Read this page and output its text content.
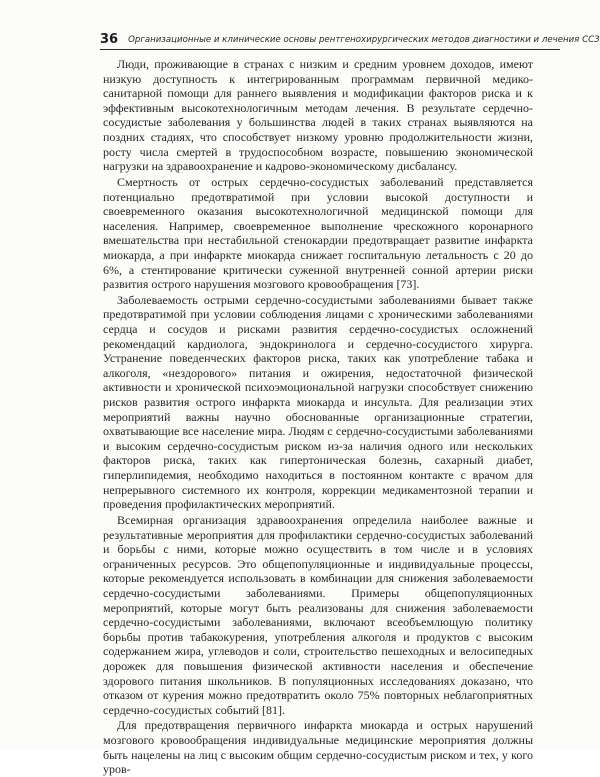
36 Организационные и клинические основы рентгенохирургических методов диагностики и лечения ССЗ

Люди, проживающие в странах с низким и средним уровнем доходов, имеют низкую доступность к интегрированным программам первичной медико-санитарной помощи для раннего выявления и модификации факторов риска и к эффективным высокотехнологичным методам лечения. В результате сердечно-сосудистые заболевания у большинства людей в таких странах выявляются на поздних стадиях, что способствует низкому уровню продолжительности жизни, росту числа смертей в трудоспособном возрасте, повышению экономической нагрузки на здравоохранение и кадрово-экономическому дисбалансу.

Смертность от острых сердечно-сосудистых заболеваний представляется потенциально предотвратимой при условии высокой доступности и своевременного оказания высокотехнологичной медицинской помощи для населения. Например, своевременное выполнение чрескожного коронарного вмешательства при нестабильной стенокардии предотвращает развитие инфаркта миокарда, а при инфаркте миокарда снижает госпитальную летальность с 20 до 6%, а стентирование критически суженной внутренней сонной артерии риски развития острого нарушения мозгового кровообращения [73].

Заболеваемость острыми сердечно-сосудистыми заболеваниями бывает также предотвратимой при условии соблюдения лицами с хроническими заболеваниями сердца и сосудов и рисками развития сердечно-сосудистых осложнений рекомендаций кардиолога, эндокринолога и сердечно-сосудистого хирурга. Устранение поведенческих факторов риска, таких как употребление табака и алкоголя, «нездорового» питания и ожирения, недостаточной физической активности и хронической психоэмоциональной нагрузки способствует снижению рисков развития острого инфаркта миокарда и инсульта. Для реализации этих мероприятий важны научно обоснованные организационные стратегии, охватывающие все население мира. Людям с сердечно-сосудистыми заболеваниями и высоким сердечно-сосудистым риском из-за наличия одного или нескольких факторов риска, таких как гипертоническая болезнь, сахарный диабет, гиперлипидемия, необходимо находиться в постоянном контакте с врачом для непрерывного системного их контроля, коррекции медикаментозной терапии и проведения профилактических мероприятий.

Всемирная организация здравоохранения определила наиболее важные и результативные мероприятия для профилактики сердечно-сосудистых заболеваний и борьбы с ними, которые можно осуществить в том числе и в условиях ограниченных ресурсов. Это общепопуляционные и индивидуальные процессы, которые рекомендуется использовать в комбинации для снижения заболеваемости сердечно-сосудистыми заболеваниями. Примеры общепопуляционных мероприятий, которые могут быть реализованы для снижения заболеваемости сердечно-сосудистыми заболеваниями, включают всеобъемлющую политику борьбы против табакокурения, употребления алкоголя и продуктов с высоким содержанием жира, углеводов и соли, строительство пешеходных и велосипедных дорожек для повышения физической активности населения и обеспечение здорового питания школьников. В популяционных исследованиях доказано, что отказом от курения можно предотвратить около 75% повторных неблагоприятных сердечно-сосудистых событий [81].

Для предотвращения первичного инфаркта миокарда и острых нарушений мозгового кровообращения индивидуальные медицинские мероприятия должны быть нацелены на лиц с высоким общим сердечно-сосудистым риском и тех, у кого уров-
